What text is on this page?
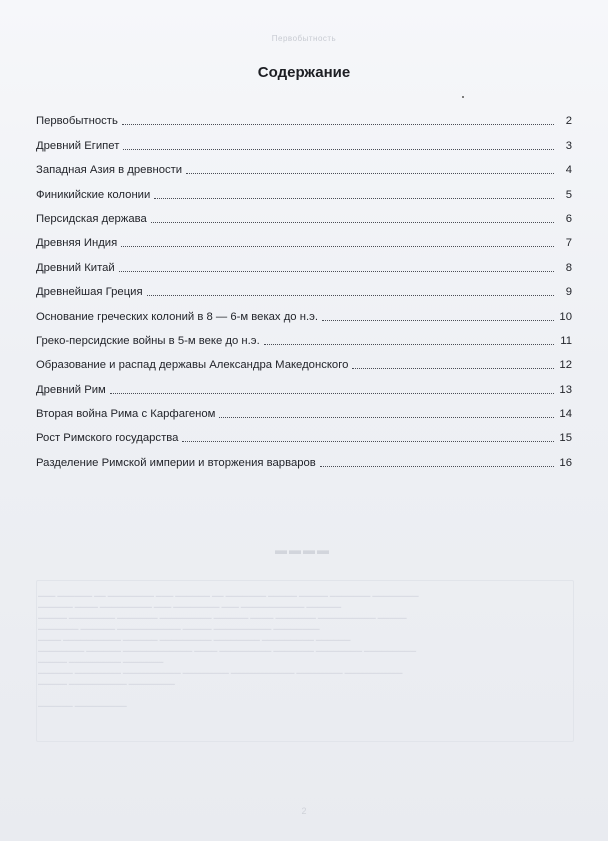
Первобытность
Содержание
Первобытность	2
Древний Египет	3
Западная Азия в древности	4
Финикийские колонии	5
Персидская держава	6
Древняя Индия	7
Древний Китай	8
Древнейшая Греция	9
Основание греческих колоний в 8 — 6-м веках до н.э.	10
Греко-персидские войны в 5-м веке до н.э.	11
Образование и распад державы Александра Македонского	12
Древний Рим	13
Вторая война Рима с Карфагеном	14
Рост Римского государства	15
Разделение Римской империи и вторжения варваров	16
▬▬▬▬
▁▁▁ ▁▁▁▁▁▁ ▁▁ ▁▁▁▁▁▁▁▁ ▁▁▁ ▁▁▁▁▁▁ ▁▁ ▁▁▁▁▁▁▁ ▁▁▁▁▁ ▁▁▁▁▁ ▁▁▁▁▁▁▁ ▁▁▁▁▁▁▁▁
▁▁▁▁▁▁ ▁▁▁▁ ▁▁▁▁▁▁▁▁▁ ▁▁▁ ▁▁▁▁▁▁▁▁ ▁▁▁ ▁▁▁▁▁▁▁▁▁▁▁ ▁▁▁▁▁▁
▁▁▁▁▁ ▁▁▁▁▁▁▁▁ ▁▁▁▁▁▁▁ ▁▁▁▁▁▁▁▁▁ ▁▁▁▁▁▁ ▁▁▁▁ ▁▁▁▁▁▁▁ ▁▁▁▁▁▁▁▁▁▁ ▁▁▁▁▁
▁▁▁▁▁▁▁ ▁▁▁▁▁▁ ▁▁▁▁▁▁▁▁▁▁▁ ▁▁▁▁▁ ▁▁▁▁▁▁▁▁▁▁ ▁▁▁▁▁▁▁▁
▁▁▁▁ ▁▁▁▁▁▁▁▁▁▁ ▁▁▁▁▁▁ ▁▁▁▁▁▁▁▁▁ ▁▁▁▁▁▁▁▁ ▁▁▁▁▁▁▁▁▁ ▁▁▁▁▁▁
▁▁▁▁▁▁▁▁ ▁▁▁▁▁▁ ▁▁▁▁▁▁▁▁▁▁▁▁ ▁▁▁▁ ▁▁▁▁▁▁▁▁▁ ▁▁▁▁▁▁▁ ▁▁▁▁▁▁▁▁ ▁▁▁▁▁▁▁▁▁
▁▁▁▁▁ ▁▁▁▁▁▁▁▁▁ ▁▁▁▁▁▁▁
▁▁▁▁▁▁ ▁▁▁▁▁▁▁▁ ▁▁▁▁▁▁▁▁▁▁ ▁▁▁▁▁▁▁▁ ▁▁▁▁▁▁▁▁▁▁▁ ▁▁▁▁▁▁▁▁ ▁▁▁▁▁▁▁▁▁▁
▁▁▁▁▁ ▁▁▁▁▁▁▁▁▁▁ ▁▁▁▁▁▁▁▁

▁▁▁▁▁▁ ▁▁▁▁▁▁▁▁▁
2
